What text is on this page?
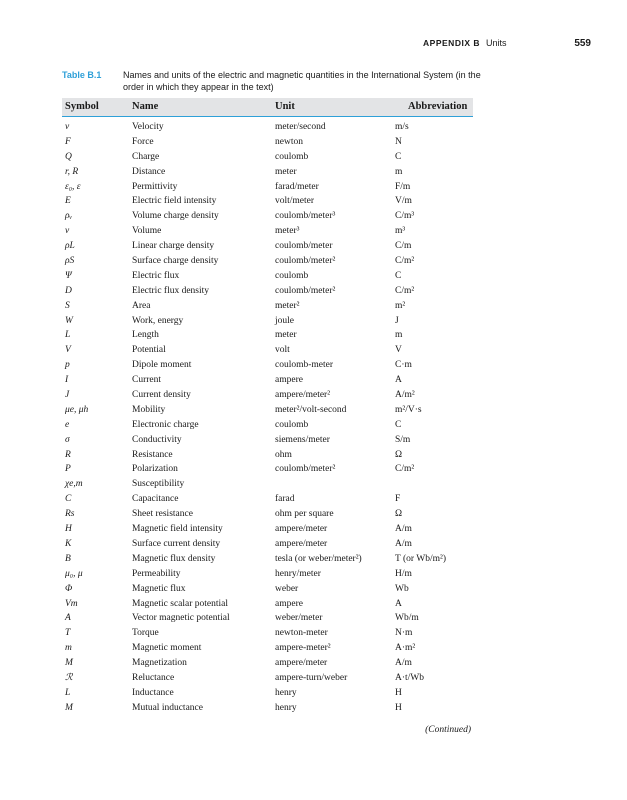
APPENDIX B Units	559
Table B.1 Names and units of the electric and magnetic quantities in the International System (in the order in which they appear in the text)
Symbol	Name	Unit	Abbreviation
v	Velocity	meter/second	m/s
F	Force	newton	N
Q	Charge	coulomb	C
r, R	Distance	meter	m
ε₀, ε	Permittivity	farad/meter	F/m
E	Electric field intensity	volt/meter	V/m
ρᵥ	Volume charge density	coulomb/meter³	C/m³
v	Volume	meter³	m³
ρL	Linear charge density	coulomb/meter	C/m
ρS	Surface charge density	coulomb/meter²	C/m²
Ψ	Electric flux	coulomb	C
D	Electric flux density	coulomb/meter²	C/m²
S	Area	meter²	m²
W	Work, energy	joule	J
L	Length	meter	m
V	Potential	volt	V
p	Dipole moment	coulomb-meter	C·m
I	Current	ampere	A
J	Current density	ampere/meter²	A/m²
μe, μh	Mobility	meter²/volt-second	m²/V·s
e	Electronic charge	coulomb	C
σ	Conductivity	siemens/meter	S/m
R	Resistance	ohm	Ω
P	Polarization	coulomb/meter²	C/m²
χe,m	Susceptibility
C	Capacitance	farad	F
Rs	Sheet resistance	ohm per square	Ω
H	Magnetic field intensity	ampere/meter	A/m
K	Surface current density	ampere/meter	A/m
B	Magnetic flux density	tesla (or weber/meter²)	T (or Wb/m²)
μ₀, μ	Permeability	henry/meter	H/m
Φ	Magnetic flux	weber	Wb
Vm	Magnetic scalar potential	ampere	A
A	Vector magnetic potential	weber/meter	Wb/m
T	Torque	newton-meter	N·m
m	Magnetic moment	ampere-meter²	A·m²
M	Magnetization	ampere/meter	A/m
ℛ	Reluctance	ampere-turn/weber	A·t/Wb
L	Inductance	henry	H
M	Mutual inductance	henry	H
(Continued)
